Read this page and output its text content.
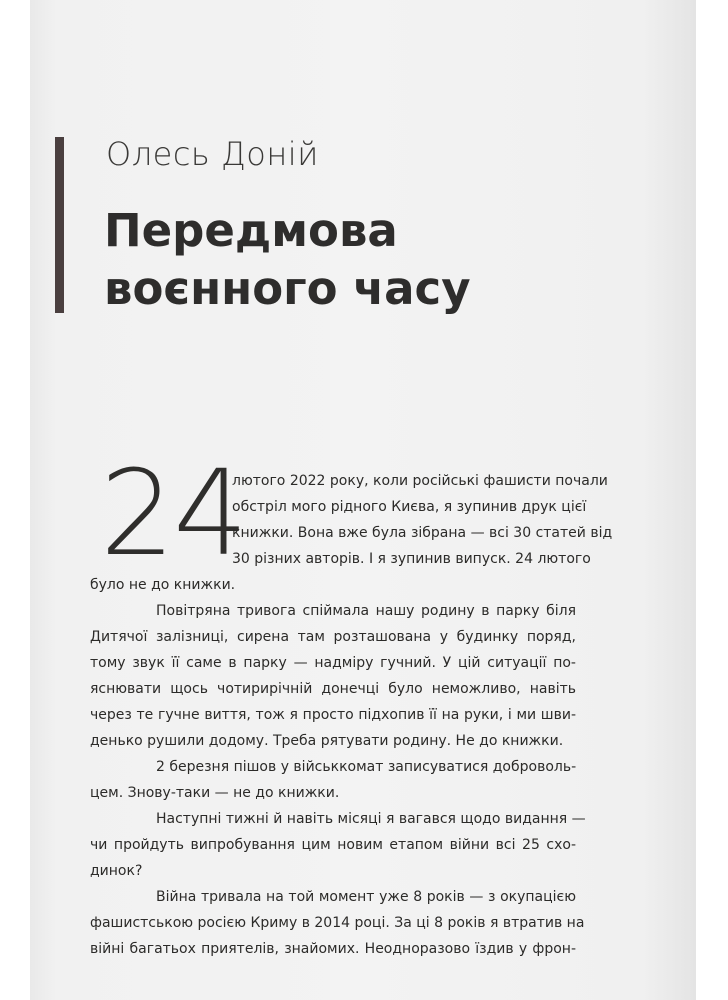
Олесь Доній
Передмова
воєнного часу
24
лютого 2022 року, коли російські фашисти почали
обстріл мого рідного Києва, я зупинив друк цієї
книжки. Вона вже була зібрана — всі 30 статей від
30 різних авторів. І я зупинив випуск. 24 лютого
було не до книжки.
Повітряна тривога спіймала нашу родину в парку біля
Дитячої залізниці, сирена там розташована у будинку поряд,
тому звук її саме в парку — надміру гучний. У цій ситуації по-
яснювати щось чотирирічній донечці було неможливо, навіть
через те гучне виття, тож я просто підхопив її на руки, і ми шви-
денько рушили додому. Треба рятувати родину. Не до книжки.
2 березня пішов у військкомат записуватися доброволь-
цем. Знову-таки — не до книжки.
Наступні тижні й навіть місяці я вагався щодо видання —
чи пройдуть випробування цим новим етапом війни всі 25 схо-
динок?
Війна тривала на той момент уже 8 років — з окупацією
фашистською росією Криму в 2014 році. За ці 8 років я втратив на
війні багатьох приятелів, знайомих. Неодноразово їздив у фрон-
